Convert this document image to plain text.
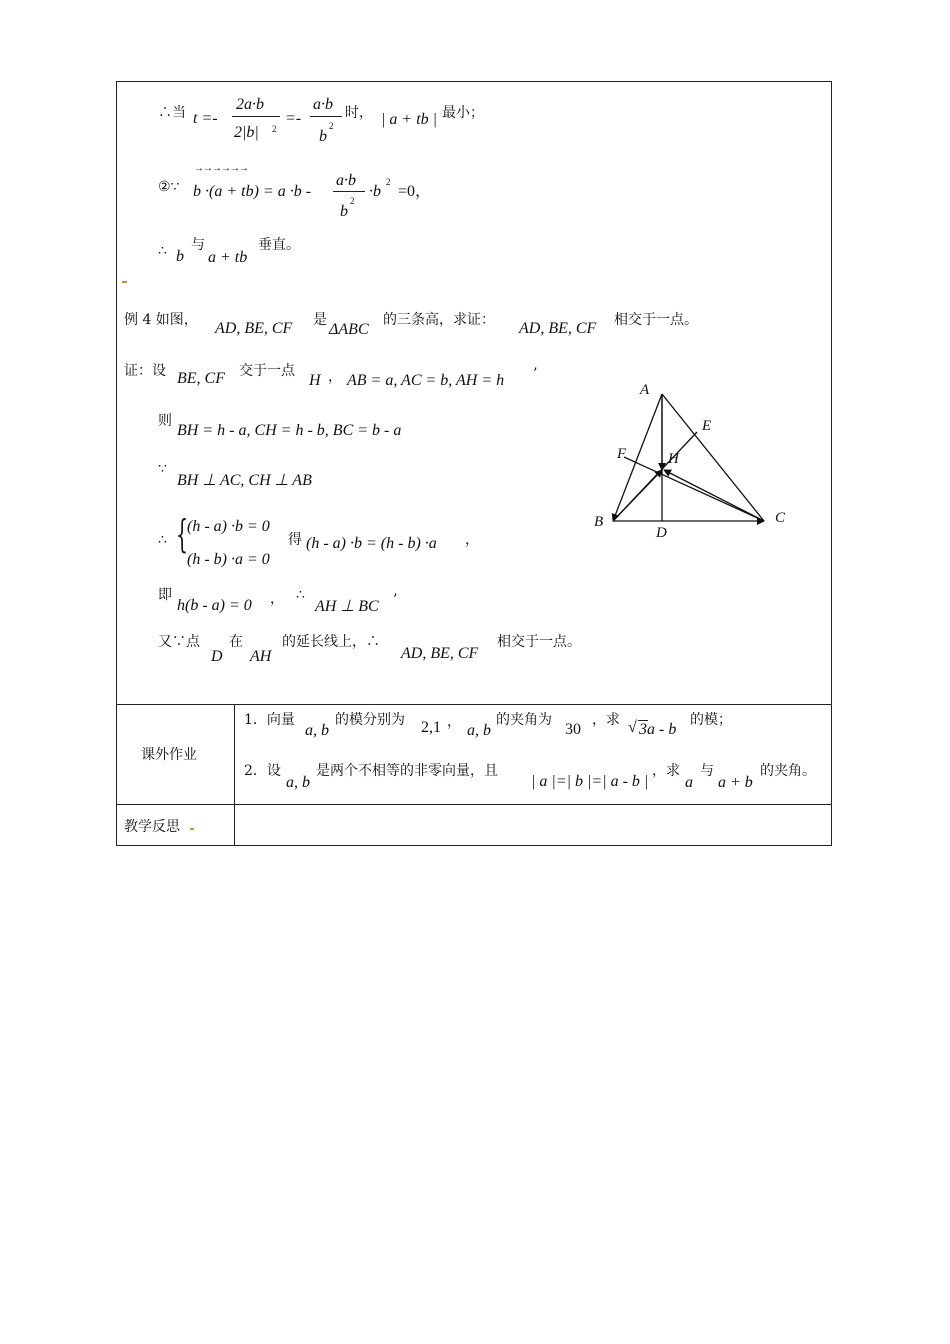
∴当 t =-
2a·b
2|b| 2
=-
a·b
b
2
时， | a + tb | 最小；
②∵
→→→→→→
b ·(a + tb) = a ·b -
a·b
b
2
·b
2
=0，
∴ b
与
a + tb
垂直。
例 4 如图， AD, BE, CF 是
ΔABC
的三条高，求证： AD, BE, CF 相交于一点。
证：设 BE, CF 交于一点
H ， AB = a, AC = b, AH = h ’
则
BH = h - a, CH = h - b, BC = b - a
∵
BH ⊥ AC, CH ⊥ AB
∴ {
(h - a) ·b = 0
(h - b) ·a = 0
得 (h - a) ·b = (h - b) ·a ，
即
h(b - a) = 0 ， ∴
AH ⊥ BC ’
又∵点
D
在
AH
的延长线上，∴
AD, BE, CF
相交于一点。
A
E
F	H
B
D
C
课外作业
1．向量
a, b
的模分别为 2,1 ， a, b
的夹角为
30
，求 √ 3a - b
的模；
2．设
a, b
是两个不相等的非零向量，且
| a |=| b |=| a - b |
，求
a
与
a + b
的夹角。
教学反思
